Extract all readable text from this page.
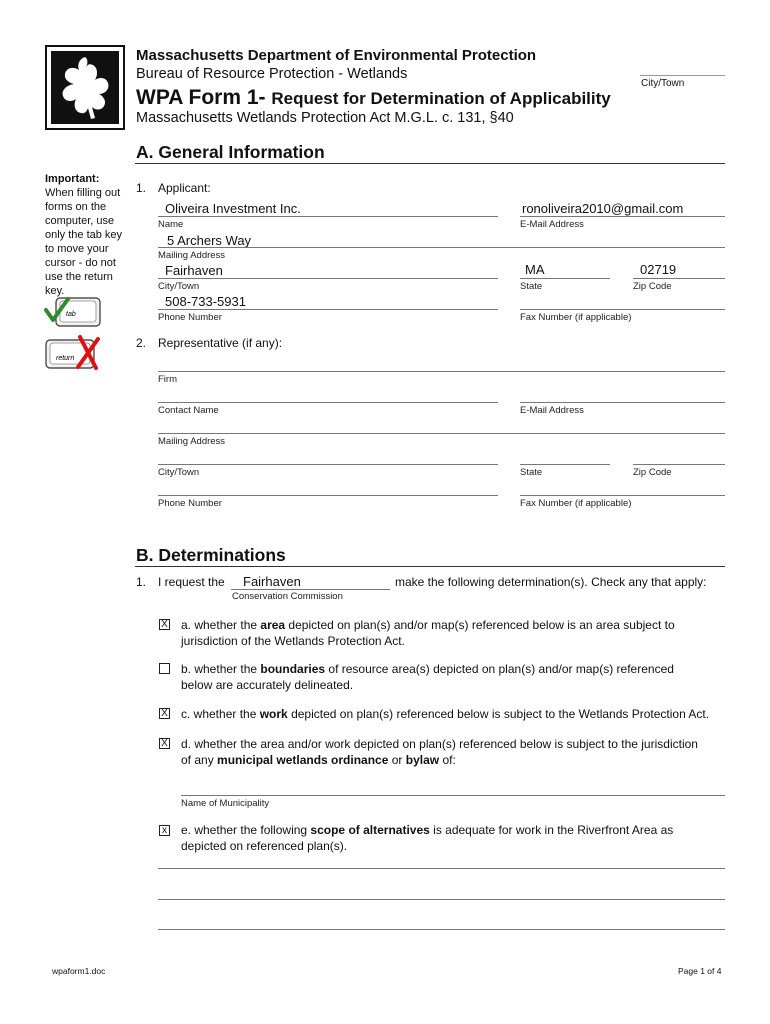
Massachusetts Department of Environmental Protection
Bureau of Resource Protection - Wetlands
WPA Form 1- Request for Determination of Applicability
Massachusetts Wetlands Protection Act M.G.L. c. 131, §40
City/Town
A. General Information
Important:
When filling out forms on the computer, use only the tab key to move your cursor - do not use the return key.
tab
return
1. Applicant:
Oliveira Investment Inc.
Name
ronoliveira2010@gmail.com
E-Mail Address
5 Archers Way
Mailing Address
Fairhaven
City/Town
MA
State
02719
Zip Code
508-733-5931
Phone Number	Fax Number (if applicable)
2. Representative (if any):
Firm
Contact Name	E-Mail Address
Mailing Address
City/Town	State	Zip Code
Phone Number	Fax Number (if applicable)
B. Determinations
1. I request the Fairhaven
Conservation Commission
make the following determination(s). Check any that apply:
X a. whether the area depicted on plan(s) and/or map(s) referenced below is an area subject to
jurisdiction of the Wetlands Protection Act.
b. whether the boundaries of resource area(s) depicted on plan(s) and/or map(s) referenced
below are accurately delineated.
X c. whether the work depicted on plan(s) referenced below is subject to the Wetlands Protection Act.
X d. whether the area and/or work depicted on plan(s) referenced below is subject to the jurisdiction
of any municipal wetlands ordinance or bylaw of:
Name of Municipality
x e. whether the following scope of alternatives is adequate for work in the Riverfront Area as
depicted on referenced plan(s).
wpaform1.doc	Page 1 of 4
